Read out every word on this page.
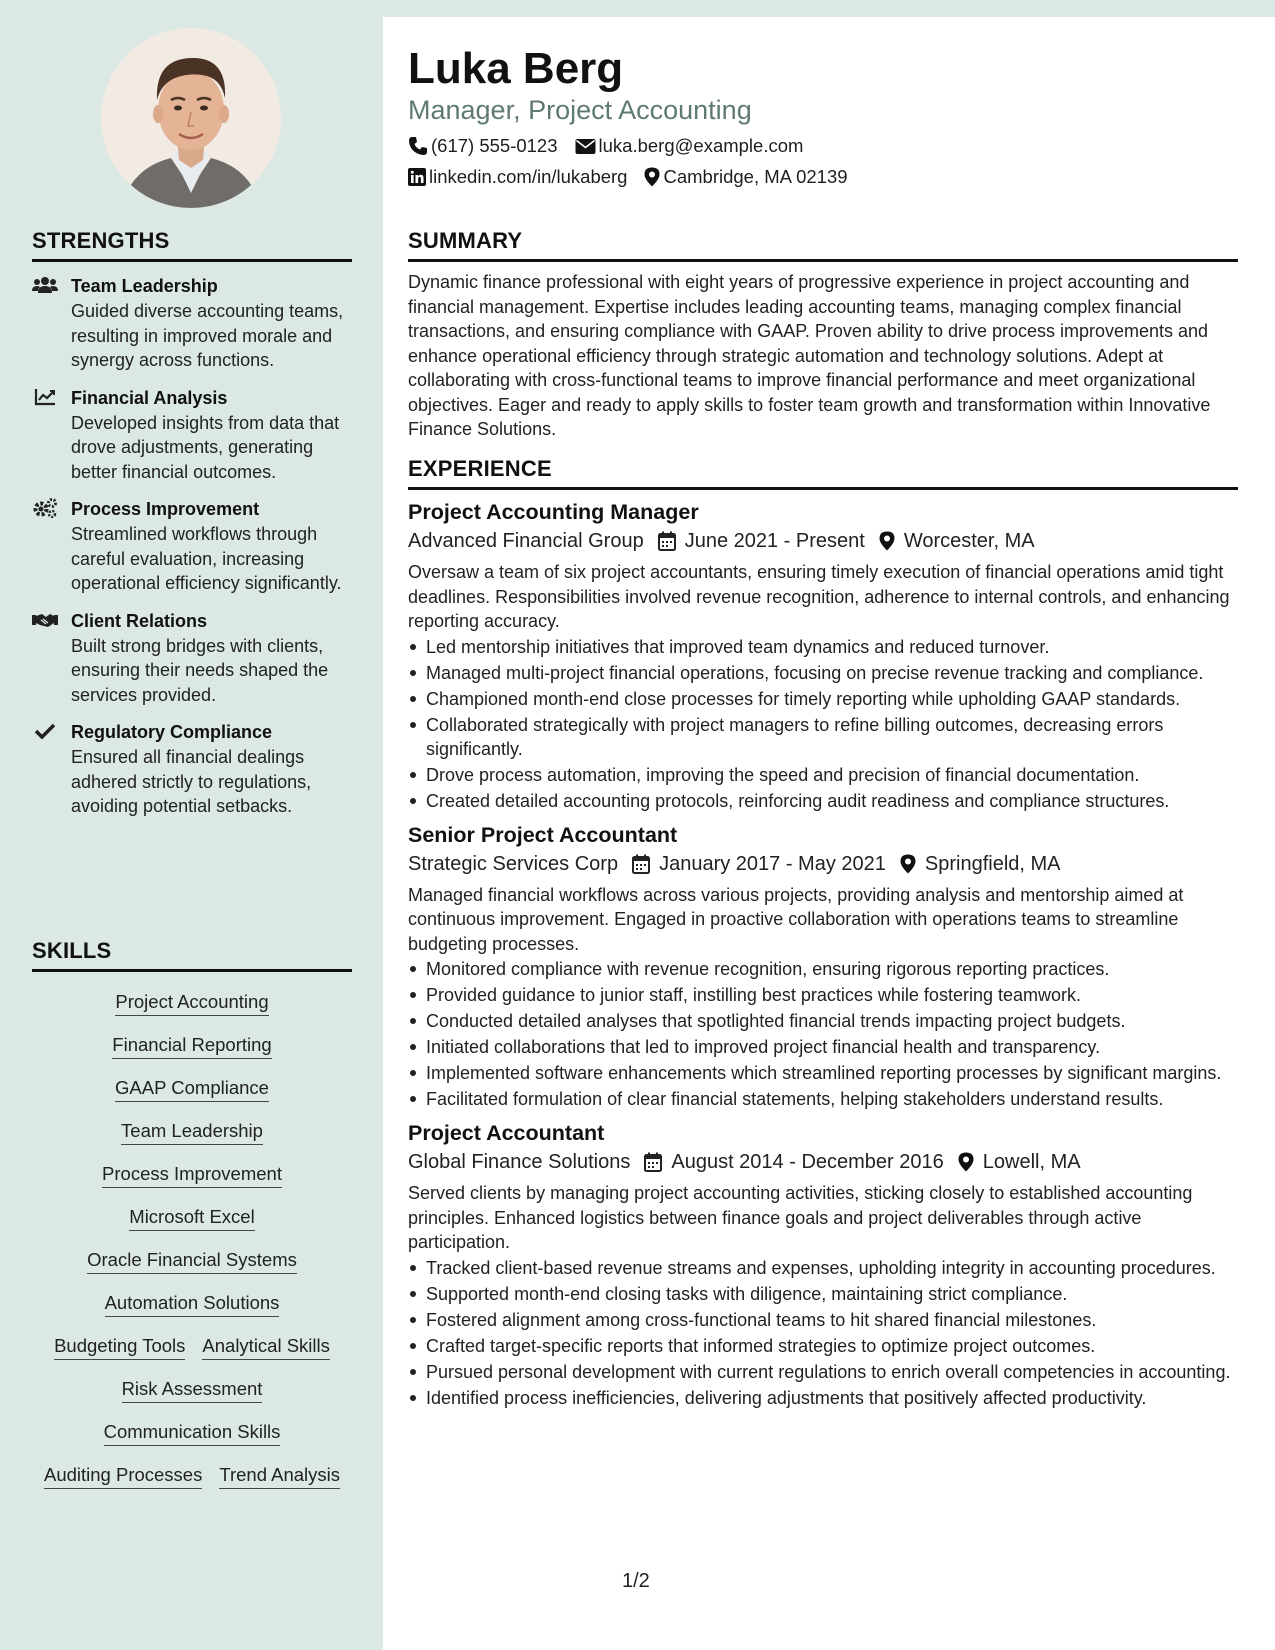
STRENGTHS
Team Leadership
Guided diverse accounting teams, resulting in improved morale and synergy across functions.
Financial Analysis
Developed insights from data that drove adjustments, generating better financial outcomes.
Process Improvement
Streamlined workflows through careful evaluation, increasing operational efficiency significantly.
Client Relations
Built strong bridges with clients, ensuring their needs shaped the services provided.
Regulatory Compliance
Ensured all financial dealings adhered strictly to regulations, avoiding potential setbacks.
SKILLS
Project Accounting
Financial Reporting
GAAP Compliance
Team Leadership
Process Improvement
Microsoft Excel
Oracle Financial Systems
Automation Solutions
Budgeting Tools Analytical Skills
Risk Assessment
Communication Skills
Auditing Processes Trend Analysis
Luka Berg
Manager, Project Accounting
(617) 555-0123 luka.berg@example.com
linkedin.com/in/lukaberg Cambridge, MA 02139
SUMMARY
Dynamic finance professional with eight years of progressive experience in project accounting and financial management. Expertise includes leading accounting teams, managing complex financial transactions, and ensuring compliance with GAAP. Proven ability to drive process improvements and enhance operational efficiency through strategic automation and technology solutions. Adept at collaborating with cross-functional teams to improve financial performance and meet organizational objectives. Eager and ready to apply skills to foster team growth and transformation within Innovative Finance Solutions.
EXPERIENCE
Project Accounting Manager
Advanced Financial Group June 2021 - Present Worcester, MA
Oversaw a team of six project accountants, ensuring timely execution of financial operations amid tight deadlines. Responsibilities involved revenue recognition, adherence to internal controls, and enhancing reporting accuracy.
Led mentorship initiatives that improved team dynamics and reduced turnover.
Managed multi-project financial operations, focusing on precise revenue tracking and compliance.
Championed month-end close processes for timely reporting while upholding GAAP standards.
Collaborated strategically with project managers to refine billing outcomes, decreasing errors significantly.
Drove process automation, improving the speed and precision of financial documentation.
Created detailed accounting protocols, reinforcing audit readiness and compliance structures.
Senior Project Accountant
Strategic Services Corp January 2017 - May 2021 Springfield, MA
Managed financial workflows across various projects, providing analysis and mentorship aimed at continuous improvement. Engaged in proactive collaboration with operations teams to streamline budgeting processes.
Monitored compliance with revenue recognition, ensuring rigorous reporting practices.
Provided guidance to junior staff, instilling best practices while fostering teamwork.
Conducted detailed analyses that spotlighted financial trends impacting project budgets.
Initiated collaborations that led to improved project financial health and transparency.
Implemented software enhancements which streamlined reporting processes by significant margins.
Facilitated formulation of clear financial statements, helping stakeholders understand results.
Project Accountant
Global Finance Solutions August 2014 - December 2016 Lowell, MA
Served clients by managing project accounting activities, sticking closely to established accounting principles. Enhanced logistics between finance goals and project deliverables through active participation.
Tracked client-based revenue streams and expenses, upholding integrity in accounting procedures.
Supported month-end closing tasks with diligence, maintaining strict compliance.
Fostered alignment among cross-functional teams to hit shared financial milestones.
Crafted target-specific reports that informed strategies to optimize project outcomes.
Pursued personal development with current regulations to enrich overall competencies in accounting.
Identified process inefficiencies, delivering adjustments that positively affected productivity.
1/2
